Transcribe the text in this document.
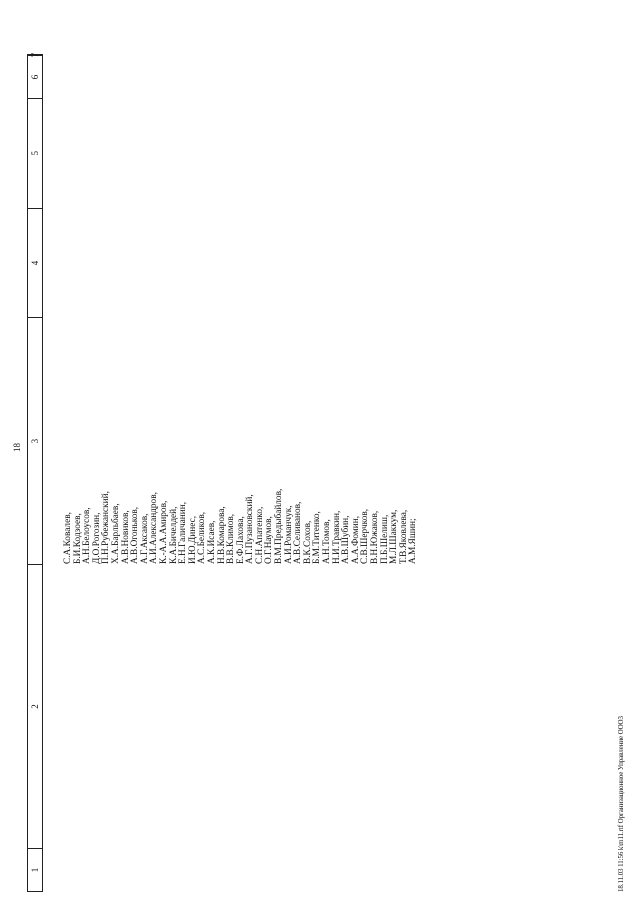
18
1
2
3
4
5
6
7
С.А.Ковалев, Б.И.Кодзоев, А.Н.Белоусов, Д.О.Рогозин, П.Н.Рубежанский, Х.А.Барльбаев, А.В.Новиков, А.В.Огоньков, А.Г.Аксаков, А.И.Александров, К.-А.А.Амиров, К.А.Бичелдей, Е.Н.Галичанин, И.Ю.Динес, А.С.Беликов, А.К.Исаев, Н.В.Комарова, В.В.Климов, Е.Ф.Лахова, А.Г.Пузановский, С.Н.Апатенко, О.Г.Наумов, В.М.Предыбайлов, А.И.Романчук, А.В.Селиванов, В.К.Сохов, Б.М.Титенко, А.Н.Томов, Н.И.Травкин, А.В.Шубин, А.А.Фомин, С.В.Шерчков, В.Н.Южаков, П.Б.Шелиш, М.Л.Шаккум, Т.В.Яковлева, А.М.Яшин;
18.11.03 11:56 k\m11.rtf Организационное Управление ООО3
